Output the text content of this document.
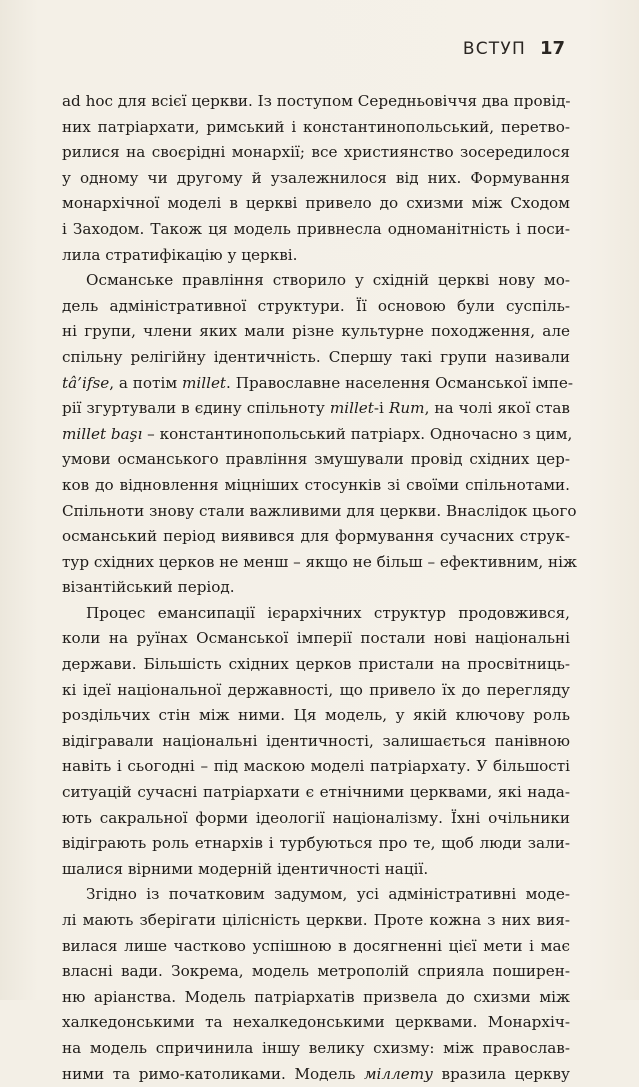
ВСТУП 17
ad hoc для всієї церкви. Із поступом Середньовіччя два провід-
них патріархати, римський і константинопольський, перетво-
рилися на своєрідні монархії; все християнство зосередилося
у одному чи другому й узалежнилося від них. Формування
монархічної моделі в церкві привело до схизми між Сходом
і Заходом. Також ця модель привнесла одноманітність і поси-
лила стратифікацію у церкві.
Османське правління створило у східній церкві нову мо-
дель адміністративної структури. Її основою були суспіль-
ні групи, члени яких мали різне культурне походження, але
спільну релігійну ідентичність. Спершу такі групи називали
tâ’ifse, а потім millet. Православне населення Османської імпе-
рії згуртували в єдину спільноту millet-і Rum, на чолі якої став
millet başı – константинопольський патріарх. Одночасно з цим,
умови османського правління змушували провід східних цер-
ков до відновлення міцніших стосунків зі своїми спільнотами.
Спільноти знову стали важливими для церкви. Внаслідок цього
османський період виявився для формування сучасних струк-
тур східних церков не менш – якщо не більш – ефективним, ніж
візантійський період.
Процес емансипації ієрархічних структур продовжився,
коли на руїнах Османської імперії постали нові національні
держави. Більшість східних церков пристали на просвітниць-
кі ідеї національної державності, що привело їх до перегляду
роздільчих стін між ними. Ця модель, у якій ключову роль
відігравали національні ідентичності, залишається панівною
навіть і сьогодні – під маскою моделі патріархату. У більшості
ситуацій сучасні патріархати є етнічними церквами, які нада-
ють сакральної форми ідеології націоналізму. Їхні очільники
відіграють роль етнархів і турбуються про те, щоб люди зали-
шалися вірними модерній ідентичності нації.
Згідно із початковим задумом, усі адміністративні моде-
лі мають зберігати цілісність церкви. Проте кожна з них вия-
вилася лише частково успішною в досягненні цієї мети і має
власні вади. Зокрема, модель метрополій сприяла поширен-
ню аріанства. Модель патріархатів призвела до схизми між
халкедонськими та нехалкедонськими церквами. Монархіч-
на модель спричинила іншу велику схизму: між православ-
ними та римо-католиками. Модель міллету вразила церкву
